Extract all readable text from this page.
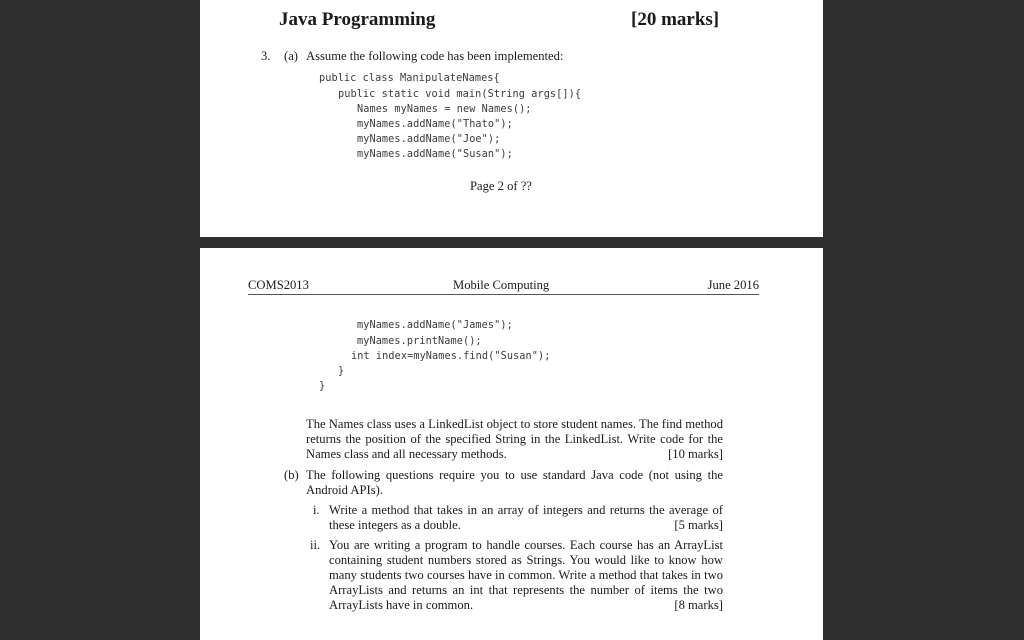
Java Programming	[20 marks]
3. (a) Assume the following code has been implemented:
public class ManipulateNames{
public static void main(String args[]){
Names myNames = new Names();
myNames.addName("Thato");
myNames.addName("Joe");
myNames.addName("Susan");
Page 2 of ??
COMS2013	Mobile Computing	June 2016
myNames.addName("James");
myNames.printName();
int index=myNames.find("Susan");
}
}
The Names class uses a LinkedList object to store student names. The find method returns the position of the specified String in the LinkedList. Write code for the Names class and all necessary methods.	[10 marks]
(b) The following questions require you to use standard Java code (not using the Android APIs).
i. Write a method that takes in an array of integers and returns the average of these integers as a double.	[5 marks]
ii. You are writing a program to handle courses. Each course has an ArrayList containing student numbers stored as Strings. You would like to know how many students two courses have in common. Write a method that takes in two ArrayLists and returns an int that represents the number of items the two ArrayLists have in common.	[8 marks]
